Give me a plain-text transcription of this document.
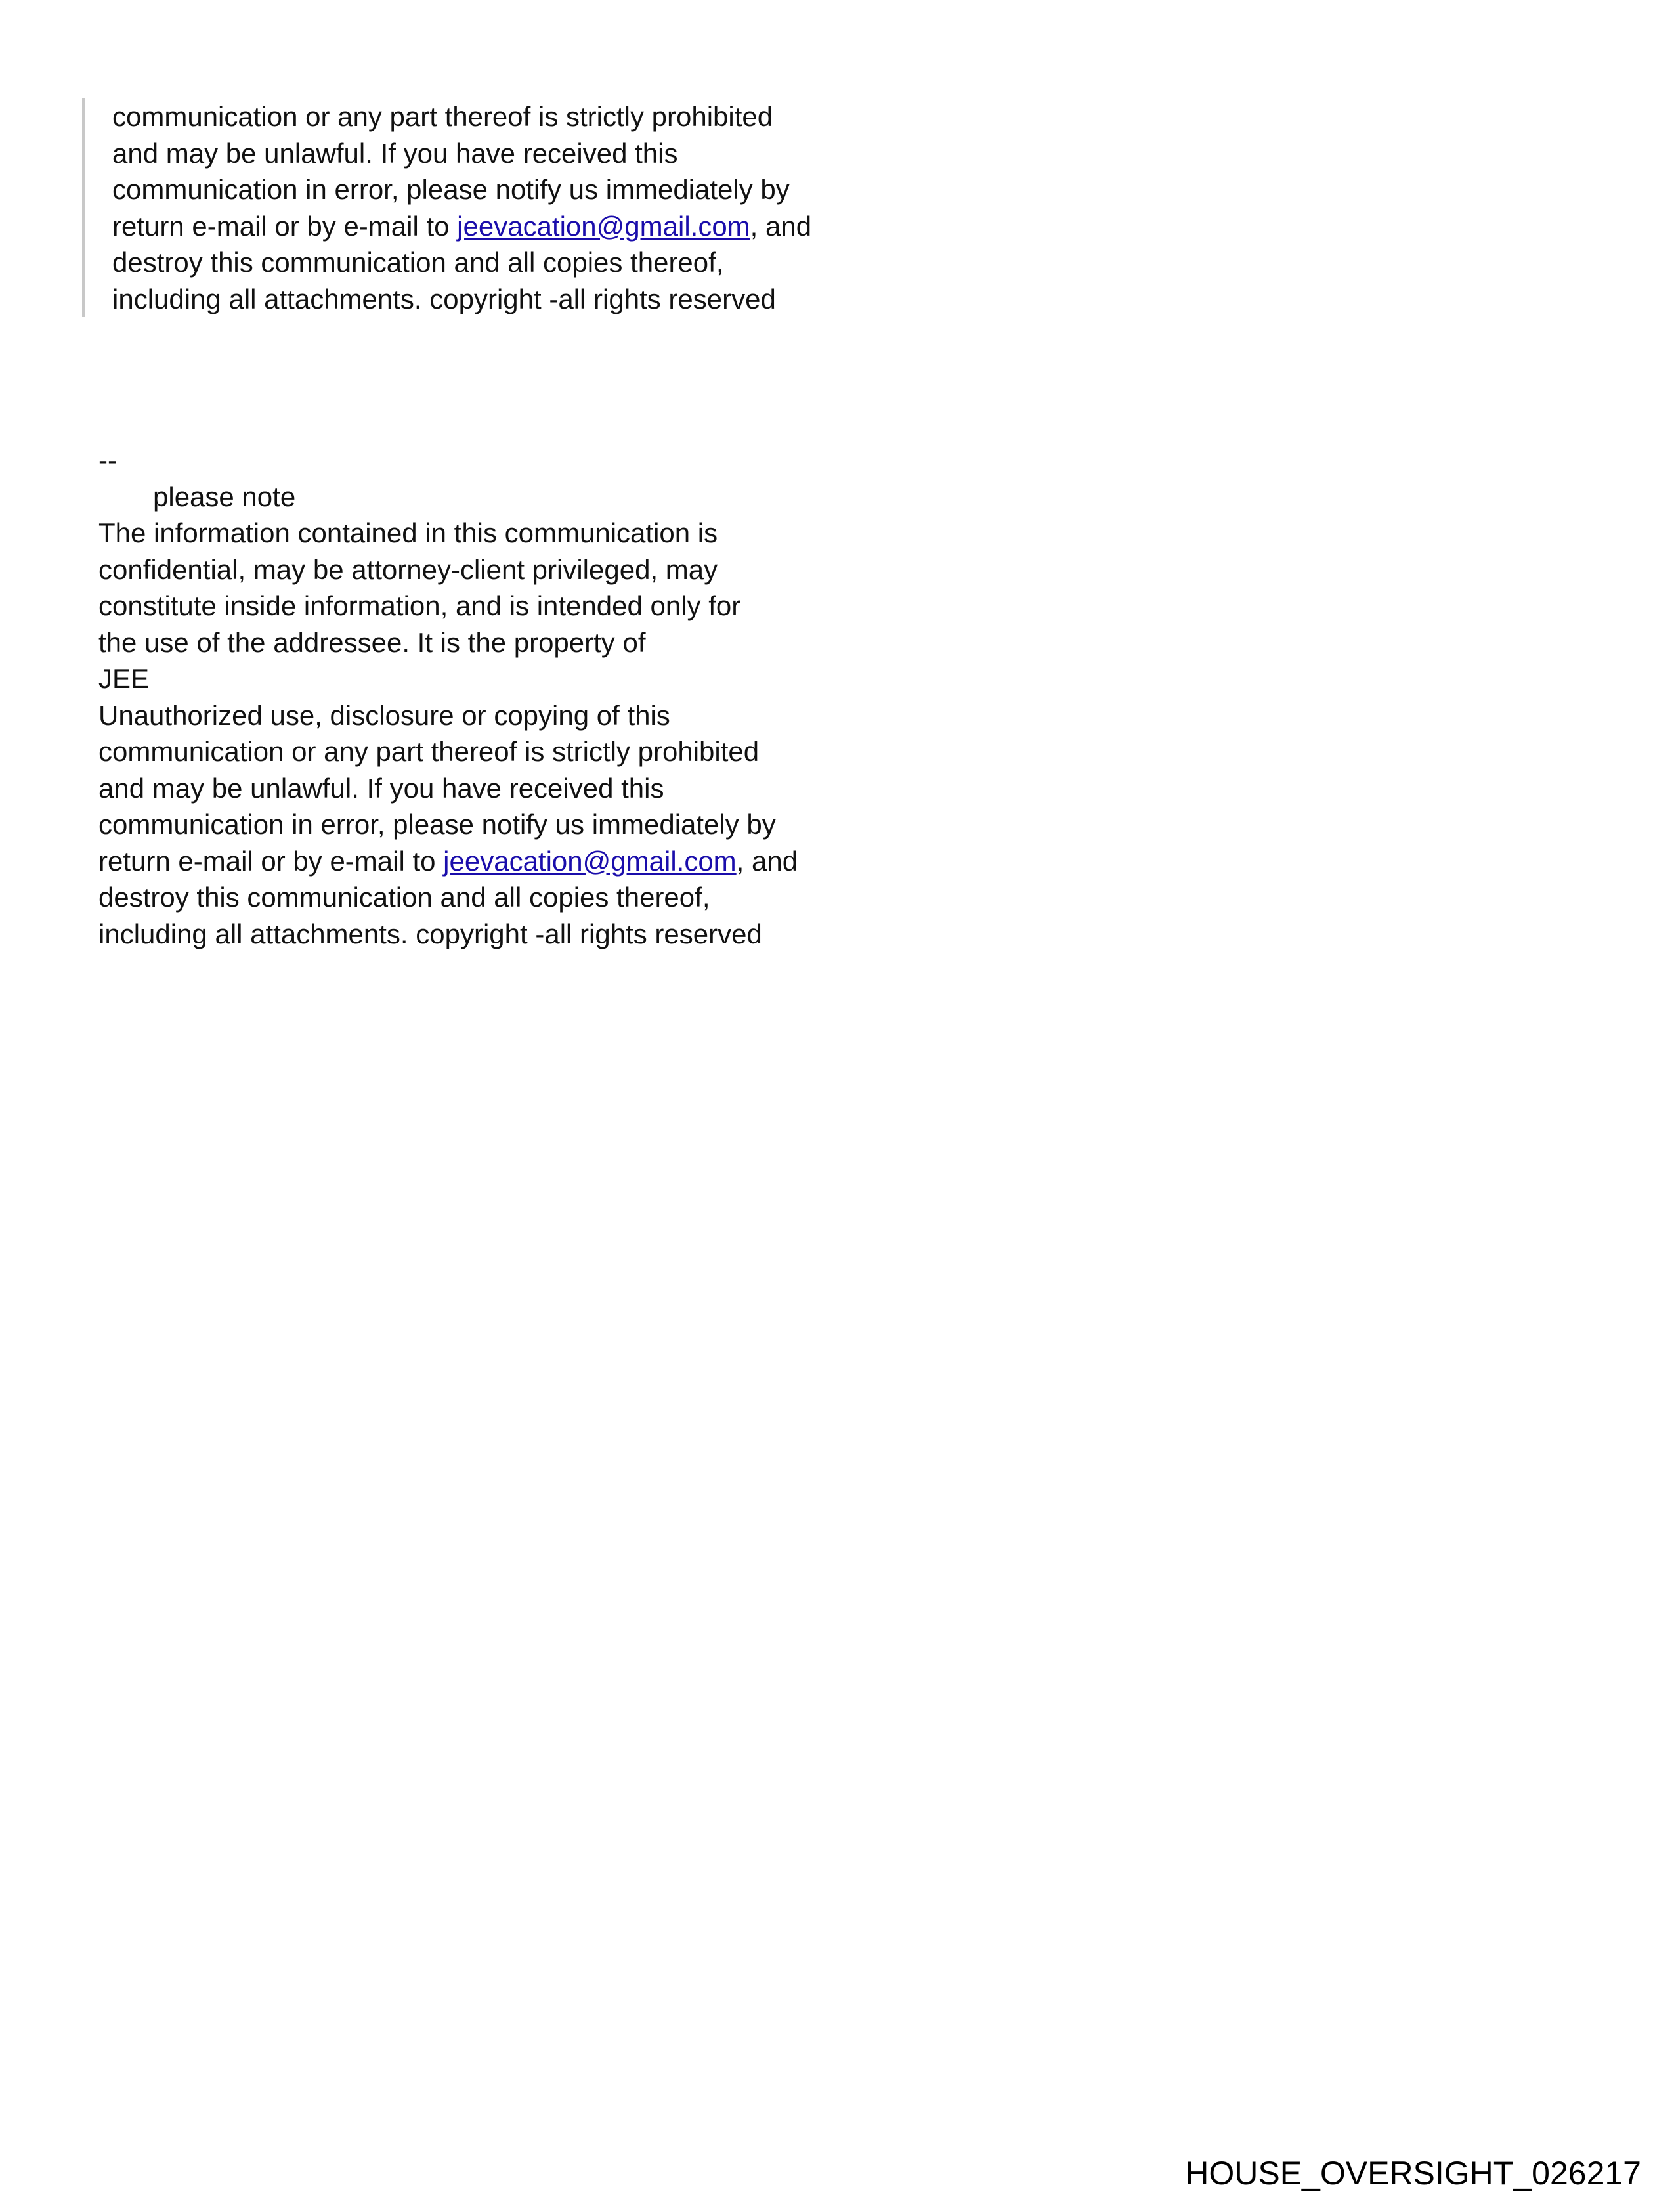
communication or any part thereof is strictly prohibited
and may be unlawful. If you have received this
communication in error, please notify us immediately by
return e-mail or by e-mail to jeevacation@gmail.com, and
destroy this communication and all copies thereof,
including all attachments. copyright -all rights reserved
--
please note
The information contained in this communication is
confidential, may be attorney-client privileged, may
constitute inside information, and is intended only for
the use of the addressee. It is the property of
JEE
Unauthorized use, disclosure or copying of this
communication or any part thereof is strictly prohibited
and may be unlawful. If you have received this
communication in error, please notify us immediately by
return e-mail or by e-mail to jeevacation@gmail.com, and
destroy this communication and all copies thereof,
including all attachments. copyright -all rights reserved
HOUSE_OVERSIGHT_026217
